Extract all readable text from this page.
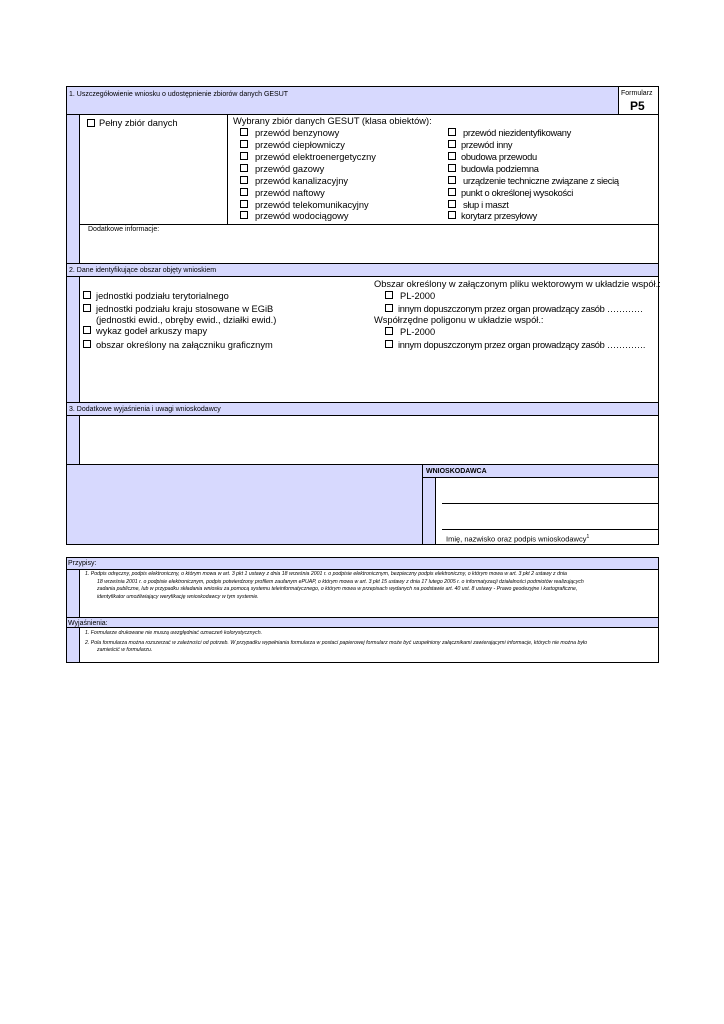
1. Uszczegółowienie wniosku o udostępnienie zbiorów danych GESUT	Formularz
P5
Pełny zbiór danych	Wybrany zbiór danych GESUT (klasa obiektów):
przewód benzynowy
przewód ciepłowniczy
przewód elektroenergetyczny
przewód gazowy
przewód kanalizacyjny
przewód naftowy
przewód telekomunikacyjny
przewód wodociągowy
przewód niezidentyfikowany
przewód inny
obudowa przewodu
budowla podziemna
urządzenie techniczne związane z siecią
punkt o określonej wysokości
słup i maszt
korytarz przesyłowy
Dodatkowe informacje:
2. Dane identyfikujące obszar objęty wnioskiem
jednostki podziału terytorialnego
jednostki podziału kraju stosowane w EGiB
(jednostki ewid., obręby ewid., działki ewid.)
wykaz godeł arkuszy mapy
obszar określony na załączniku graficznym
Obszar określony w załączonym pliku wektorowym w układzie współ.:
PL-2000
innym dopuszczonym przez organ prowadzący zasób …………
Współrzędne poligonu w układzie współ.:
PL-2000
innym dopuszczonym przez organ prowadzący zasób ………….
3. Dodatkowe wyjaśnienia i uwagi wnioskodawcy
WNIOSKODAWCA
Imię, nazwisko oraz podpis wnioskodawcy$^1$
Przypisy:
1. Podpis odręczny, podpis elektroniczny, o którym mowa w art. 3 pkt 1 ustawy z dnia 18 września 2001 r. o podpisie elektronicznym, bezpieczny podpis elektroniczny, o którym mowa w art. 3 pkt 2 ustawy z dnia
18 września 2001 r. o podpisie elektronicznym, podpis potwierdzony profilem zaufanym ePUAP, o którym mowa w art. 3 pkt 15 ustawy z dnia 17 lutego 2005 r. o informatyzacji działalności podmiotów realizujących
zadania publiczne, lub w przypadku składania wniosku za pomocą systemu teleinformatycznego, o którym mowa w przepisach wydanych na podstawie art. 40 ust. 8 ustawy - Prawo geodezyjne i kartograficzne,
identyfikator umożliwiający weryfikację wnioskodawcy w tym systemie.
Wyjaśnienia:
1. Formularze drukowane nie muszą uwzględniać oznaczeń kolorystycznych.
2. Pola formularza można rozszerzać w zależności od potrzeb. W przypadku wypełniania formularza w postaci papierowej formularz może być uzupełniony załącznikami zawierającymi informacje, których nie można było
zamieścić w formularzu.
